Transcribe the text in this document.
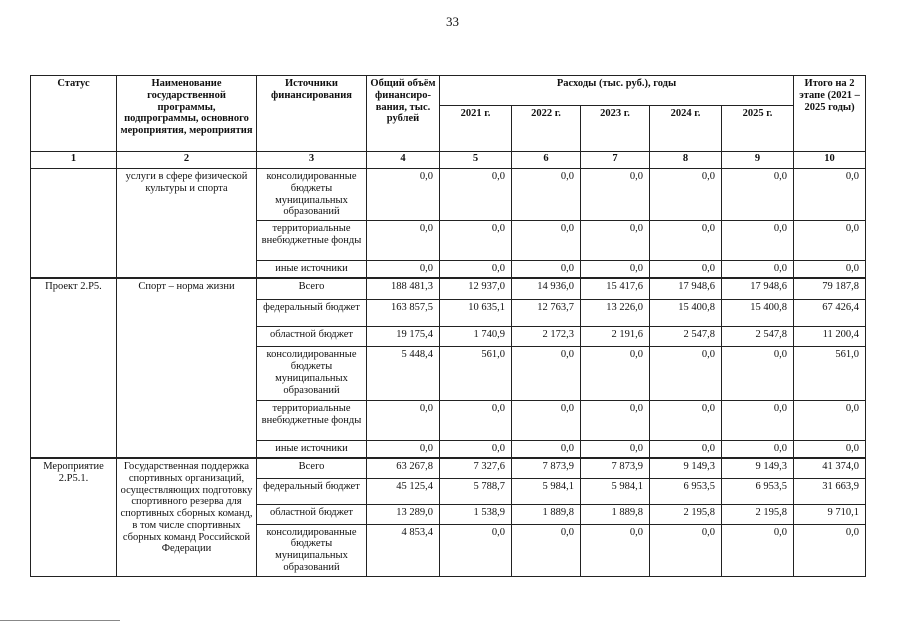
33
Статус	Наименование государственной программы, подпрограммы, основного мероприятия, мероприятия	Источники финансирования	Общий объём финансиро-вания, тыс. рублей	Расходы (тыс. руб.), годы					Итого на 2 этапе (2021 – 2025 годы)
				2021 г.	2022 г.	2023 г.	2024 г.	2025 г.	
1	2	3	4	5	6	7	8	9	10
	услуги в сфере физической культуры и спорта	консолидированные бюджеты муниципальных образований	0,0	0,0	0,0	0,0	0,0	0,0	0,0
		территориальные внебюджетные фонды	0,0	0,0	0,0	0,0	0,0	0,0	0,0
		иные источники	0,0	0,0	0,0	0,0	0,0	0,0	0,0
Проект 2.P5.	Спорт – норма жизни	Всего	188 481,3	12 937,0	14 936,0	15 417,6	17 948,6	17 948,6	79 187,8
		федеральный бюджет	163 857,5	10 635,1	12 763,7	13 226,0	15 400,8	15 400,8	67 426,4
		областной бюджет	19 175,4	1 740,9	2 172,3	2 191,6	2 547,8	2 547,8	11 200,4
		консолидированные бюджеты муниципальных образований	5 448,4	561,0	0,0	0,0	0,0	0,0	561,0
		территориальные внебюджетные фонды	0,0	0,0	0,0	0,0	0,0	0,0	0,0
		иные источники	0,0	0,0	0,0	0,0	0,0	0,0	0,0
Мероприятие 2.P5.1.	Государственная поддержка спортивных организаций, осуществляющих подготовку спортивного резерва для спортивных сборных команд, в том числе спортивных сборных команд Российской Федерации	Всего	63 267,8	7 327,6	7 873,9	7 873,9	9 149,3	9 149,3	41 374,0
		федеральный бюджет	45 125,4	5 788,7	5 984,1	5 984,1	6 953,5	6 953,5	31 663,9
		областной бюджет	13 289,0	1 538,9	1 889,8	1 889,8	2 195,8	2 195,8	9 710,1
		консолидированные бюджеты муниципальных образований	4 853,4	0,0	0,0	0,0	0,0	0,0	0,0
